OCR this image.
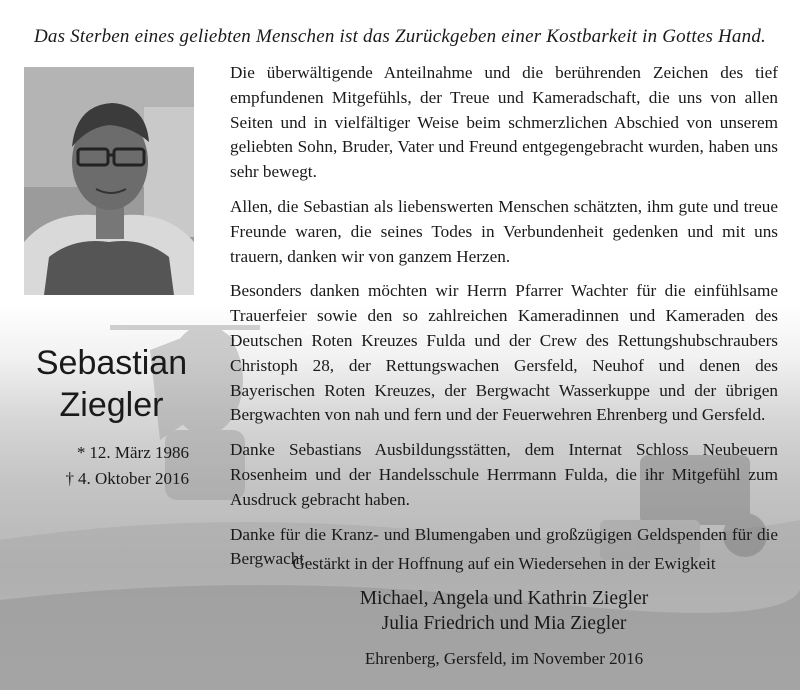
Das Sterben eines geliebten Menschen ist das Zurückgeben einer Kostbarkeit in Gottes Hand.
Sebastian
Ziegler
* 12. März 1986
† 4. Oktober 2016

Die überwältigende Anteilnahme und die berührenden Zeichen des tief empfundenen Mitgefühls, der Treue und Kameradschaft, die uns von allen Seiten und in vielfältiger Weise beim schmerzlichen Abschied von unserem geliebten Sohn, Bruder, Vater und Freund entgegengebracht wurden, haben uns sehr bewegt.

Allen, die Sebastian als liebenswerten Menschen schätzten, ihm gute und treue Freunde waren, die seines Todes in Verbundenheit gedenken und mit uns trauern, danken wir von ganzem Herzen.

Besonders danken möchten wir Herrn Pfarrer Wachter für die einfühlsame Trauerfeier sowie den so zahlreichen Kameradinnen und Kameraden des Deutschen Roten Kreuzes Fulda und der Crew des Rettungshubschraubers Christoph 28, der Rettungswachen Gersfeld, Neuhof und denen des Bayerischen Roten Kreuzes, der Bergwacht Wasserkuppe und der übrigen Bergwachten von nah und fern und der Feuerwehren Ehrenberg und Gersfeld.

Danke Sebastians Ausbildungsstätten, dem Internat Schloss Neubeuern Rosenheim und der Handelsschule Herrmann Fulda, die ihr Mitgefühl zum Ausdruck gebracht haben.

Danke für die Kranz- und Blumengaben und großzügigen Geldspenden für die Bergwacht.

Gestärkt in der Hoffnung auf ein Wiedersehen in der Ewigkeit
Michael, Angela und Kathrin Ziegler
Julia Friedrich und Mia Ziegler
Ehrenberg, Gersfeld, im November 2016
